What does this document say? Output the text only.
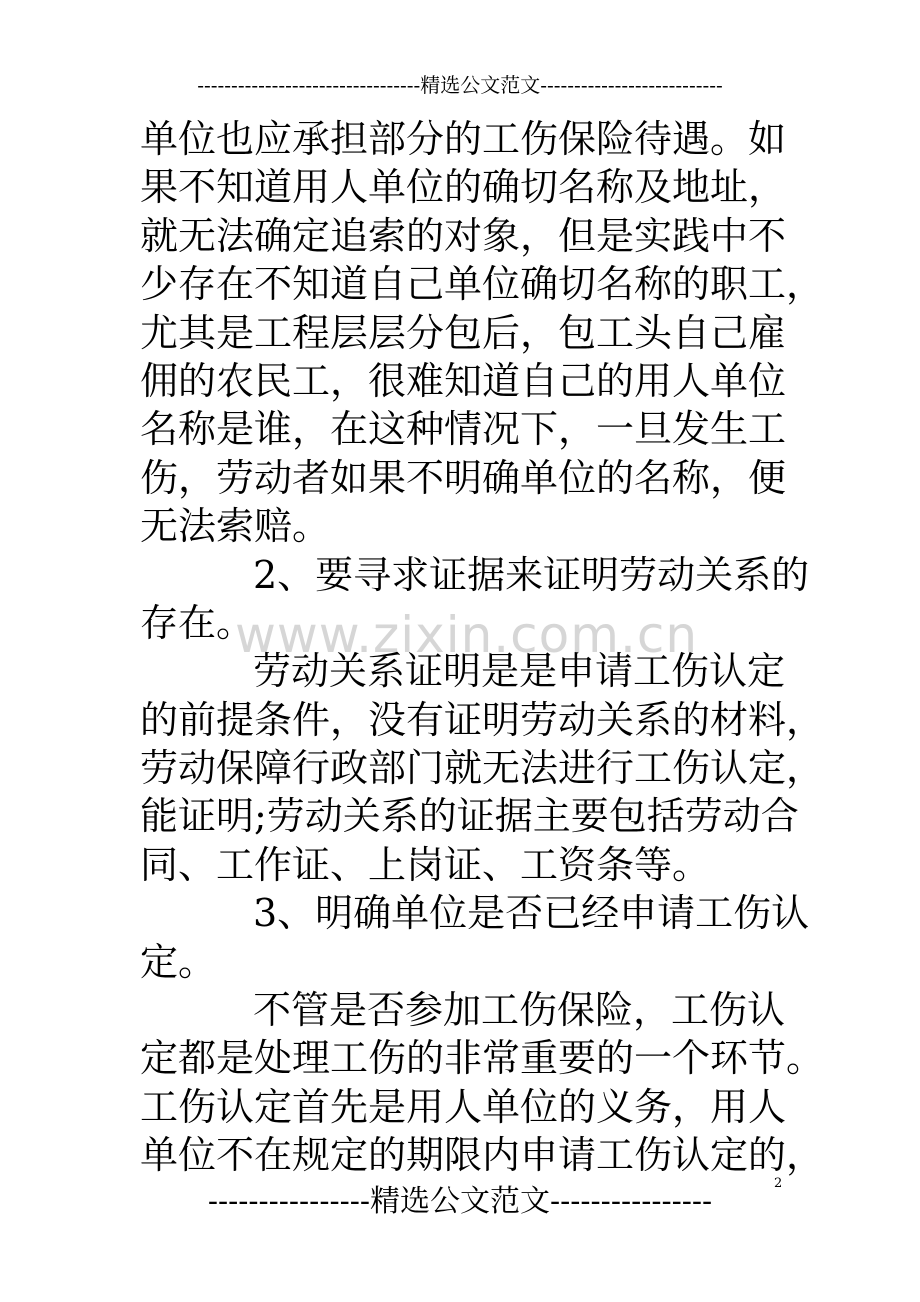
---------------------------------精选公文范文---------------------------
www.zixin.com.cn
单位也应承担部分的工伤保险待遇。如
果不知道用人单位的确切名称及地址，
就无法确定追索的对象，但是实践中不
少存在不知道自己单位确切名称的职工，
尤其是工程层层分包后，包工头自己雇
佣的农民工，很难知道自己的用人单位
名称是谁，在这种情况下，一旦发生工
伤，劳动者如果不明确单位的名称，便
无法索赔。
2、要寻求证据来证明劳动关系的
存在。
劳动关系证明是是申请工伤认定
的前提条件，没有证明劳动关系的材料，
劳动保障行政部门就无法进行工伤认定，
能证明;劳动关系的证据主要包括劳动合
同、工作证、上岗证、工资条等。
3、明确单位是否已经申请工伤认
定。
不管是否参加工伤保险，工伤认
定都是处理工伤的非常重要的一个环节。
工伤认定首先是用人单位的义务，用人
单位不在规定的期限内申请工伤认定的，
----------------精选公文范文----------------
2
